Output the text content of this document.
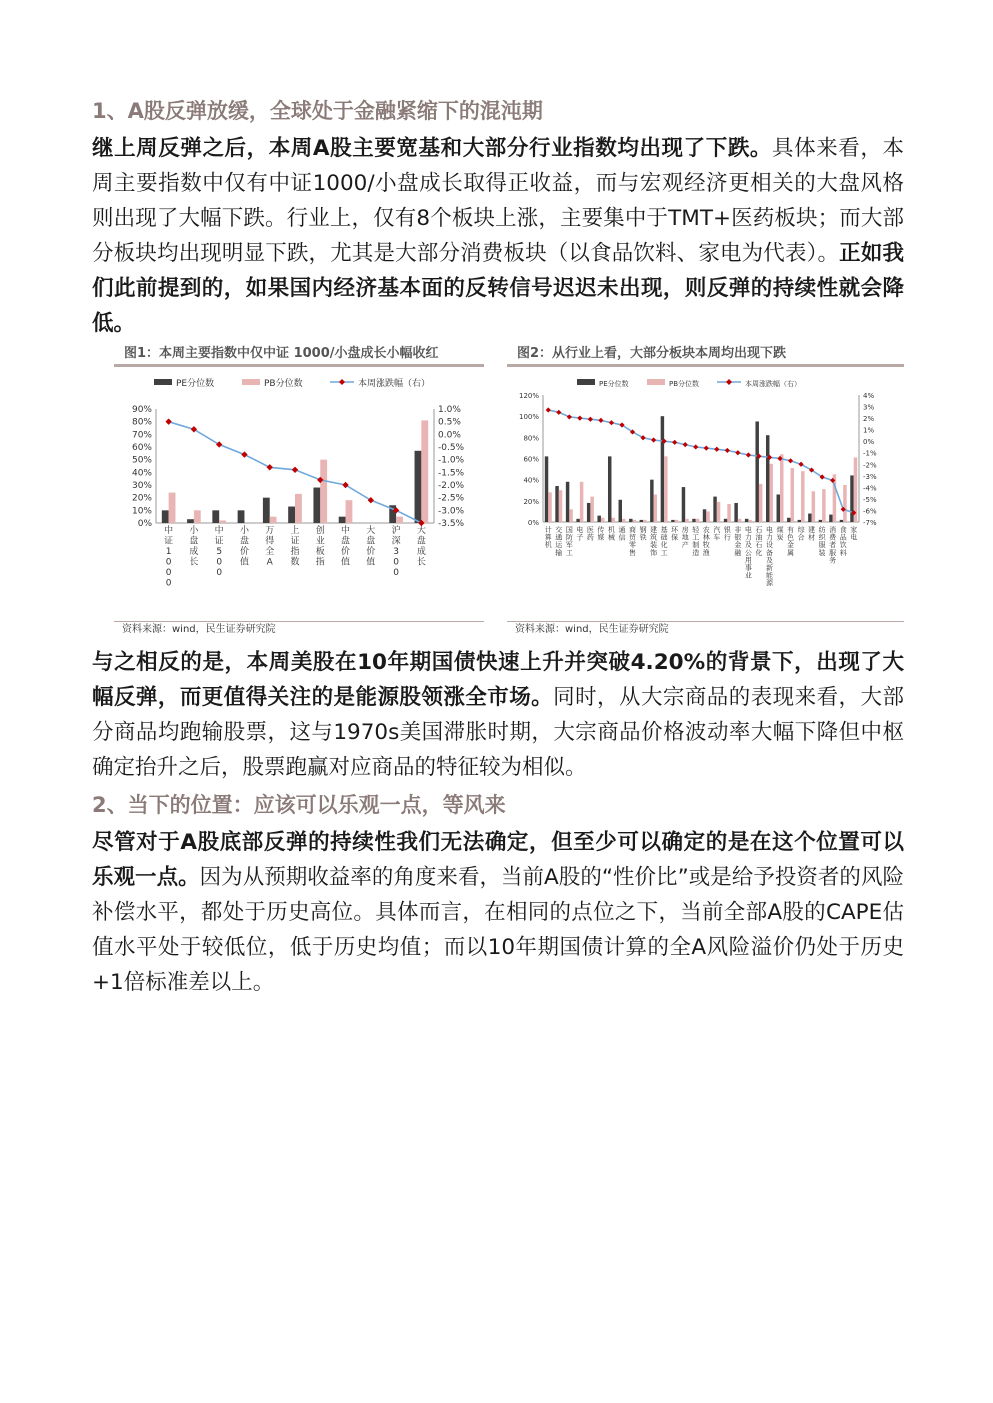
1、A股反弹放缓，全球处于金融紧缩下的混沌期

继上周反弹之后，本周A股主要宽基和大部分行业指数均出现了下跌。具体来看，本周主要指数中仅有中证1000/小盘成长取得正收益，而与宏观经济更相关的大盘风格则出现了大幅下跌。行业上，仅有8个板块上涨，主要集中于TMT+医药板块；而大部分板块均出现明显下跌，尤其是大部分消费板块（以食品饮料、家电为代表）。正如我们此前提到的，如果国内经济基本面的反转信号迟迟未出现，则反弹的持续性就会降低。

图1：本周主要指数中仅中证 1000/小盘成长小幅收红
PE分位数	PB分位数	本周涨跌幅（右）
0%
10%
20%
30%
40%
50%
60%
70%
80%
90%
-3.5%
-3.0%
-2.5%
-2.0%
-1.5%
-1.0%
-0.5%
0.0%
0.5%
1.0%
中证 1 0 0 0
小盘成长
中证 5 0 0
小盘价值
万得全 A
上证指数
创业板指
中盘价值
大盘价值
沪深 3 0 0
大盘成长
资料来源：wind，民生证券研究院
图2：从行业上看，大部分板块本周均出现下跌
PE分位数	PB分位数	本周涨跌幅（右）
0%
20%
40%
60%
80%
100%
120%
-7%
-6%
-5%
-4%
-3%
-2%
-1%
0%
1%
2%
3%
4%
计算机
交通运输
国防军工
电子
医药
传媒
机械
通信
商贸零售
钢铁
建筑装饰
基础化工
环保
房地产
轻工制造
农林牧渔
汽车
银行
非银金融
电力及公用事业
石油石化
电力设备及新能源
煤炭
有色金属
综合
建材
纺织服装
消费者服务
食品饮料
家电
资料来源：wind，民生证券研究院

与之相反的是，本周美股在10年期国债快速上升并突破4.20%的背景下，出现了大幅反弹，而更值得关注的是能源股领涨全市场。同时，从大宗商品的表现来看，大部分商品均跑输股票，这与1970s美国滞胀时期，大宗商品价格波动率大幅下降但中枢确定抬升之后，股票跑赢对应商品的特征较为相似。

2、当下的位置：应该可以乐观一点，等风来

尽管对于A股底部反弹的持续性我们无法确定，但至少可以确定的是在这个位置可以乐观一点。因为从预期收益率的角度来看，当前A股的“性价比”或是给予投资者的风险补偿水平，都处于历史高位。具体而言，在相同的点位之下，当前全部A股的CAPE估值水平处于较低位，低于历史均值；而以10年期国债计算的全A风险溢价仍处于历史+1倍标准差以上。
